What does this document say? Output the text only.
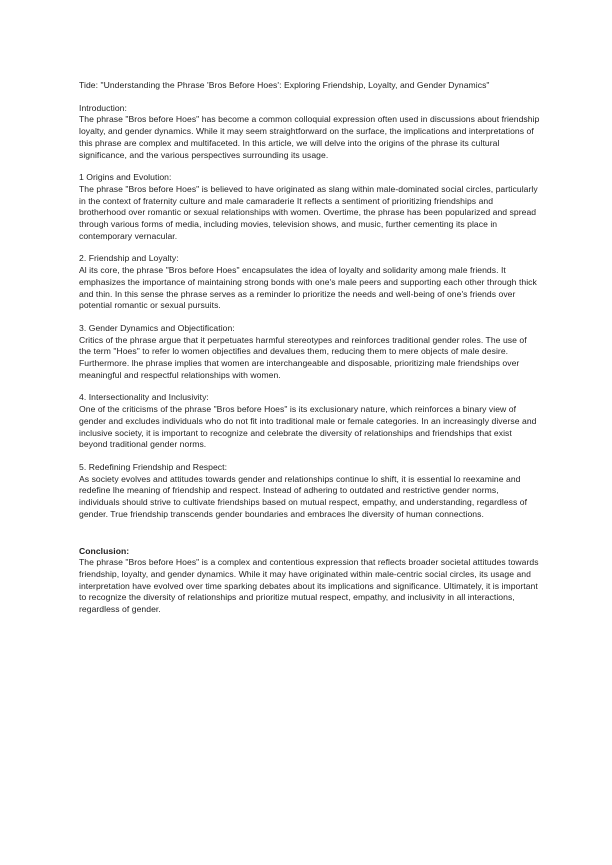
Tide: "Understanding the Phrase 'Bros Before Hoes': Exploring Friendship, Loyalty, and Gender Dynamics"

Introduction:

The phrase "Bros before Hoes" has become a common colloquial expression often used in discussions about friendship loyalty, and gender dynamics. While it may seem straightforward on the surface, the implications and interpretations of this phrase are complex and multifaceted. In this article, we will delve into the origins of the phrase its cultural significance, and the various perspectives surrounding its usage.

1 Origins and Evolution:

The phrase "Bros before Hoes" is believed to have originated as slang within male-dominated social circles, particularly in the context of fraternity culture and male camaraderie It reflects a sentiment of prioritizing friendships and brotherhood over romantic or sexual relationships with women. Overtime, the phrase has been popularized and spread through various forms of media, including movies, television shows, and music, further cementing its place in contemporary vernacular.

2. Friendship and Loyalty:

Al its core, the phrase "Bros before Hoes" encapsulates the idea of loyalty and solidarity among male friends. It emphasizes the importance of maintaining strong bonds with one's male peers and supporting each other through thick and thin. In this sense the phrase serves as a reminder lo prioritize the needs and well-being of one's friends over potential romantic or sexual pursuits.

3. Gender Dynamics and Objectification:

Critics of the phrase argue that it perpetuates harmful stereotypes and reinforces traditional gender roles. The use of the term "Hoes" to refer lo women objectifies and devalues them, reducing them to mere objects of male desire. Furthermore. lhe phrase implies that women are interchangeable and disposable, prioritizing male friendships over meaningful and respectful relationships with women.

4. Intersectionality and Inclusivity:

One of the criticisms of the phrase "Bros before Hoes" is its exclusionary nature, which reinforces a binary view of gender and excludes individuals who do not fit into traditional male or female categories. In an increasingly diverse and inclusive society, it is important to recognize and celebrate the diversity of relationships and friendships that exist beyond traditional gender norms.

5. Redefining Friendship and Respect:

As society evolves and attitudes towards gender and relationships continue lo shift, it is essential lo reexamine and redefine lhe meaning of friendship and respect. Instead of adhering to outdated and restrictive gender norms, individuals should strive to cultivate friendships based on mutual respect, empathy, and understanding, regardless of gender. True friendship transcends gender boundaries and embraces lhe diversity of human connections.

Conclusion:

The phrase "Bros before Hoes" is a complex and contentious expression that reflects broader societal attitudes towards friendship, loyalty, and gender dynamics. While it may have originated within male-centric social circles, its usage and interpretation have evolved over time sparking debates about its implications and significance. Ultimately, it is important to recognize the diversity of relationships and prioritize mutual respect, empathy, and inclusivity in all interactions, regardless of gender.
